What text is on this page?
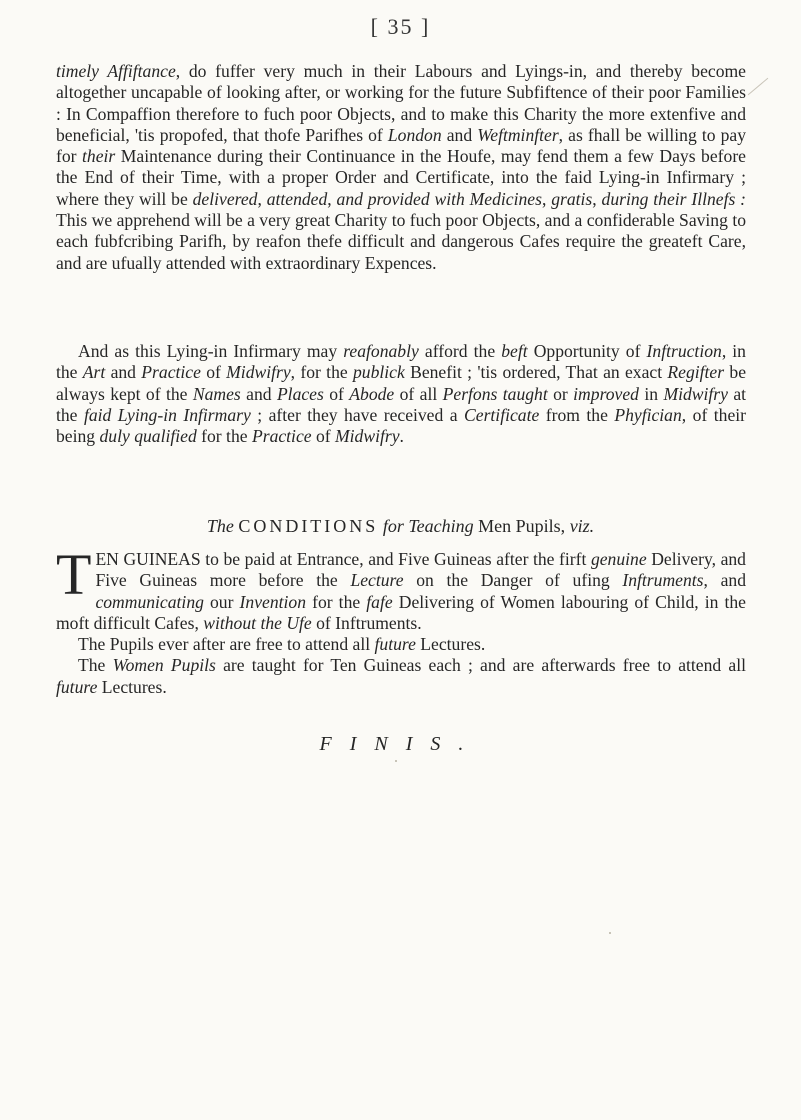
[ 35 ]

timely Affiftance, do fuffer very much in their Labours and Lyings-in, and thereby become altogether uncapable of looking after, or working for the future Subfiftence of their poor Families : In Compaffion therefore to fuch poor Objects, and to make this Charity the more extenfive and beneficial, 'tis propofed, that thofe Parifhes of London and Weftminfter, as fhall be willing to pay for their Maintenance during their Continuance in the Houfe, may fend them a few Days before the End of their Time, with a proper Order and Certificate, into the faid Lying-in Infirmary ; where they will be delivered, attended, and provided with Medicines, gratis, during their Illnefs : This we apprehend will be a very great Charity to fuch poor Objects, and a confiderable Saving to each fubfcribing Parifh, by reafon thefe difficult and dangerous Cafes require the greateft Care, and are ufually attended with extraordinary Expences.

And as this Lying-in Infirmary may reafonably afford the beft Opportunity of Inftruction, in the Art and Practice of Midwifry, for the publick Benefit ; 'tis ordered, That an exact Regifter be always kept of the Names and Places of Abode of all Perfons taught or improved in Midwifry at the faid Lying-in Infirmary ; after they have received a Certificate from the Phyfician, of their being duly qualified for the Practice of Midwifry.

The CONDITIONS for Teaching Men Pupils, viz.
T EN GUINEAS to be paid at Entrance, and Five Guineas after the firft genuine Delivery, and Five Guineas more before the Lecture on the Danger of ufing Inftruments, and communicating our Invention for the fafe Delivering of Women labouring of Child, in the moft difficult Cafes, without the Ufe of Inftruments.

The Pupils ever after are free to attend all future Lectures.

The Women Pupils are taught for Ten Guineas each ; and are afterwards free to attend all future Lectures.

FINIS.
